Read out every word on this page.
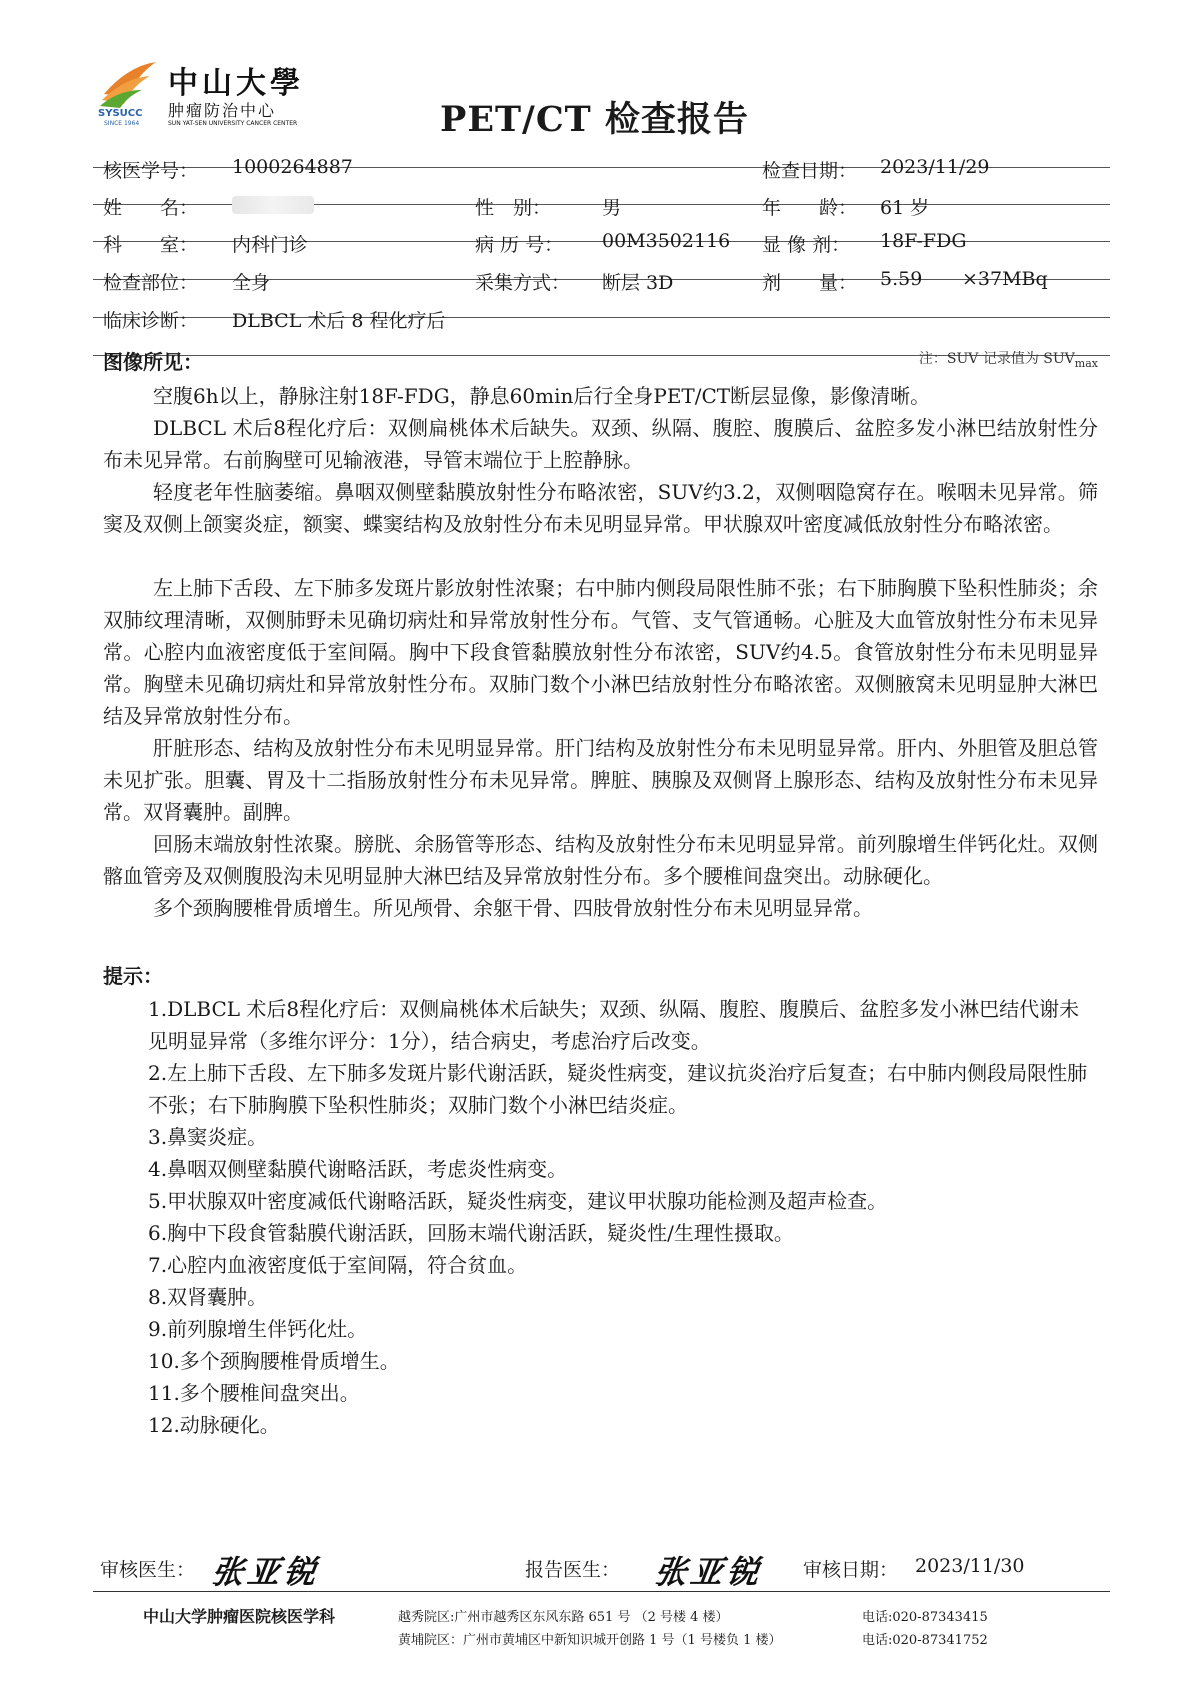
SYSUCC
SINCE 1964
中山大學
肿瘤防治中心
SUN YAT-SEN UNIVERSITY CANCER CENTER	PET/CT 检查报告
核医学号： 1000264887	检查日期： 2023/11/29
姓　　名：	性　别：	男	年　　龄： 61 岁
科　　室： 内科门诊	病 历 号： 00M3502116 显 像 剂： 18F-FDG
检查部位： 全身	采集方式： 断层 3D	剂　　量： 5.59 ×37MBq
临床诊断： DLBCL 术后 8 程化疗后
图像所见：	注：SUV 记录值为 $SUV_{max}$

空腹6h以上，静脉注射18F-FDG，静息60min后行全身PET/CT断层显像，影像清晰。

DLBCL 术后8程化疗后：双侧扁桃体术后缺失。双颈、纵隔、腹腔、腹膜后、盆腔多发小淋巴结放射性分布未见异常。右前胸壁可见输液港，导管末端位于上腔静脉。

轻度老年性脑萎缩。鼻咽双侧壁黏膜放射性分布略浓密，SUV约3.2，双侧咽隐窝存在。喉咽未见异常。筛窦及双侧上颌窦炎症，额窦、蝶窦结构及放射性分布未见明显异常。甲状腺双叶密度减低放射性分布略浓密。

左上肺下舌段、左下肺多发斑片影放射性浓聚；右中肺内侧段局限性肺不张；右下肺胸膜下坠积性肺炎；余双肺纹理清晰，双侧肺野未见确切病灶和异常放射性分布。气管、支气管通畅。心脏及大血管放射性分布未见异常。心腔内血液密度低于室间隔。胸中下段食管黏膜放射性分布浓密，SUV约4.5。食管放射性分布未见明显异常。胸壁未见确切病灶和异常放射性分布。双肺门数个小淋巴结放射性分布略浓密。双侧腋窝未见明显肿大淋巴结及异常放射性分布。

肝脏形态、结构及放射性分布未见明显异常。肝门结构及放射性分布未见明显异常。肝内、外胆管及胆总管未见扩张。胆囊、胃及十二指肠放射性分布未见异常。脾脏、胰腺及双侧肾上腺形态、结构及放射性分布未见异常。双肾囊肿。副脾。

回肠末端放射性浓聚。膀胱、余肠管等形态、结构及放射性分布未见明显异常。前列腺增生伴钙化灶。双侧髂血管旁及双侧腹股沟未见明显肿大淋巴结及异常放射性分布。多个腰椎间盘突出。动脉硬化。

多个颈胸腰椎骨质增生。所见颅骨、余躯干骨、四肢骨放射性分布未见明显异常。

提示：
1.DLBCL 术后8程化疗后：双侧扁桃体术后缺失；双颈、纵隔、腹腔、腹膜后、盆腔多发小淋巴结代谢未见明显异常（多维尔评分：1分），结合病史，考虑治疗后改变。
2.左上肺下舌段、左下肺多发斑片影代谢活跃，疑炎性病变，建议抗炎治疗后复查；右中肺内侧段局限性肺不张；右下肺胸膜下坠积性肺炎；双肺门数个小淋巴结炎症。
3.鼻窦炎症。
4.鼻咽双侧壁黏膜代谢略活跃，考虑炎性病变。
5.甲状腺双叶密度减低代谢略活跃，疑炎性病变，建议甲状腺功能检测及超声检查。
6.胸中下段食管黏膜代谢活跃，回肠末端代谢活跃，疑炎性/生理性摄取。
7.心腔内血液密度低于室间隔，符合贫血。
8.双肾囊肿。
9.前列腺增生伴钙化灶。
10.多个颈胸腰椎骨质增生。
11.多个腰椎间盘突出。
12.动脉硬化。
审核医生： 张亚锐	报告医生： 张亚锐 审核日期： 2023/11/30
中山大学肿瘤医院核医学科	越秀院区:广州市越秀区东风东路 651 号 （2 号楼 4 楼）
黄埔院区：广州市黄埔区中新知识城开创路 1 号（1 号楼负 1 楼）
电话:020-87343415
电话:020-87341752
